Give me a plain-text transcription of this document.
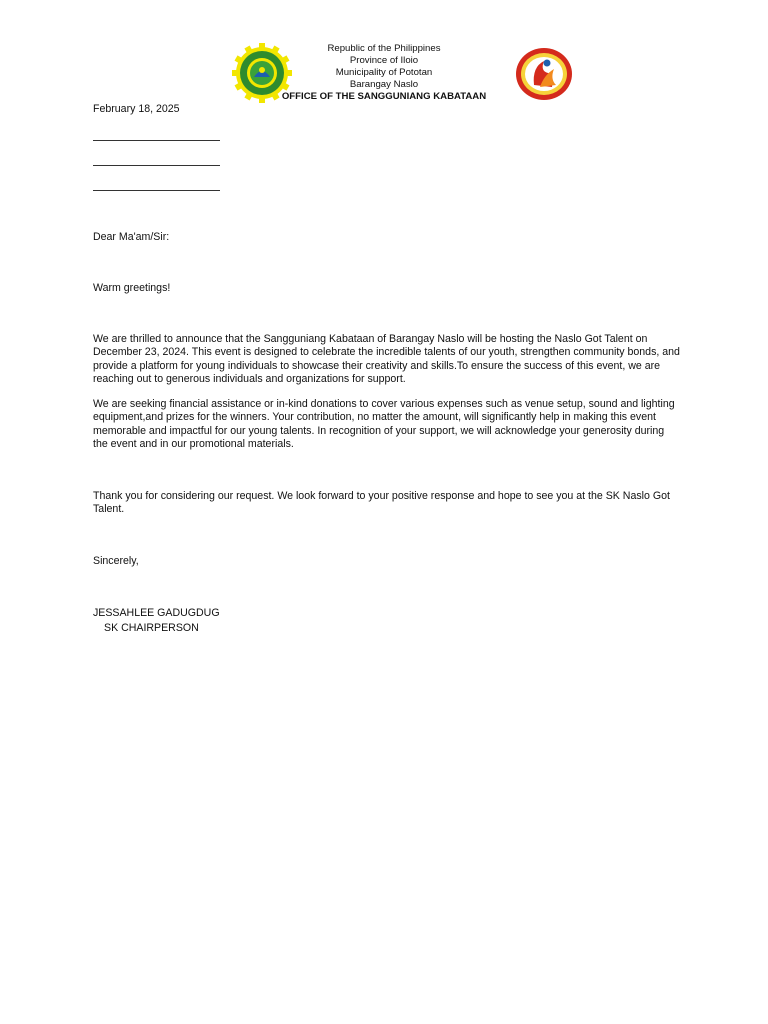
Republic of the Philippines
Province of Iloio
Municipality of Pototan
Barangay Naslo
OFFICE OF THE SANGGUNIANG KABATAAN

February 18, 2025

Dear Ma'am/Sir:

Warm greetings!

We are thrilled to announce that the Sangguniang Kabataan of Barangay Naslo will be hosting the Naslo Got Talent on December 23, 2024. This event is designed to celebrate the incredible talents of our youth, strengthen community bonds, and provide a platform for young individuals to showcase their creativity and skills.To ensure the success of this event, we are reaching out to generous individuals and organizations for support.

We are seeking financial assistance or in-kind donations to cover various expenses such as venue setup, sound and lighting equipment,and prizes for the winners. Your contribution, no matter the amount, will significantly help in making this event memorable and impactful for our young talents. In recognition of your support, we will acknowledge your generosity during the event and in our promotional materials.

Thank you for considering our request. We look forward to your positive response and hope to see you at the SK Naslo Got Talent.

Sincerely,

JESSAHLEE GADUGDUG

SK CHAIRPERSON
